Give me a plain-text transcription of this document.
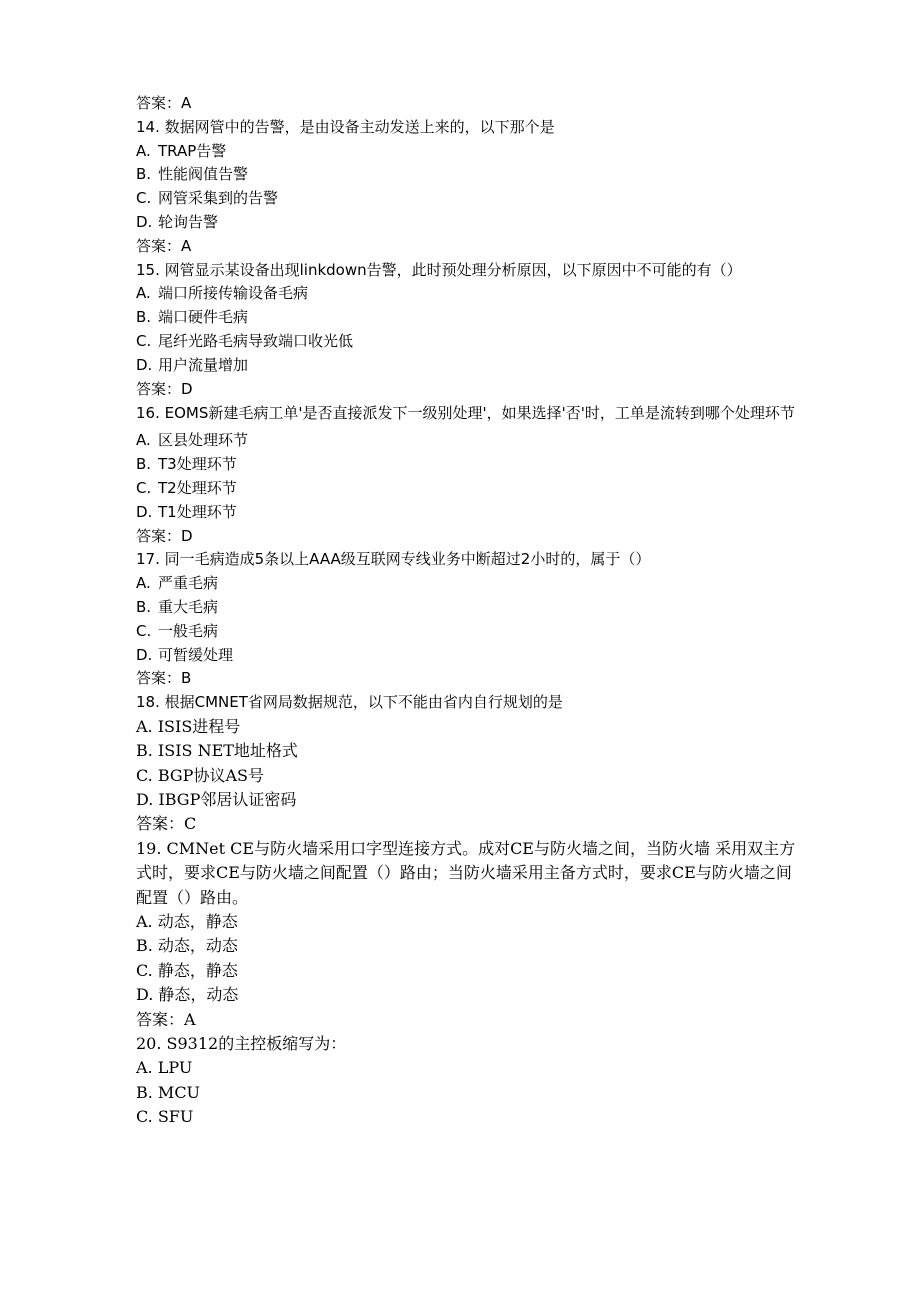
答案：A
14. 数据网管中的告警，是由设备主动发送上来的，以下那个是
A. TRAP告警
B. 性能阀值告警
C. 网管采集到的告警
D. 轮询告警
答案：A
15. 网管显示某设备出现linkdown告警，此时预处理分析原因，以下原因中不可能的有（）
A. 端口所接传输设备毛病
B. 端口硬件毛病
C. 尾纤光路毛病导致端口收光低
D. 用户流量增加
答案：D
16. EOMS新建毛病工单'是否直接派发下一级别处理'，如果选择'否'时，工单是流转到哪个处理环节
A. 区县处理环节
B. T3处理环节
C. T2处理环节
D. T1处理环节
答案：D
17. 同一毛病造成5条以上AAA级互联网专线业务中断超过2小时的，属于（）
A. 严重毛病
B. 重大毛病
C. 一般毛病
D. 可暂缓处理
答案：B
18. 根据CMNET省网局数据规范，以下不能由省内自行规划的是
A. ISIS进程号
B. ISIS NET地址格式
C. BGP协议AS号
D. IBGP邻居认证密码
答案：C
19. CMNet CE与防火墙采用口字型连接方式。成对CE与防火墙之间，当防火墙 采用双主方式时，要求CE与防火墙之间配置（）路由；当防火墙采用主备方式时，要求CE与防火墙之间配置（）路由。
A. 动态，静态
B. 动态，动态
C. 静态，静态
D. 静态，动态
答案：A
20. S9312的主控板缩写为：
A. LPU
B. MCU
C. SFU
